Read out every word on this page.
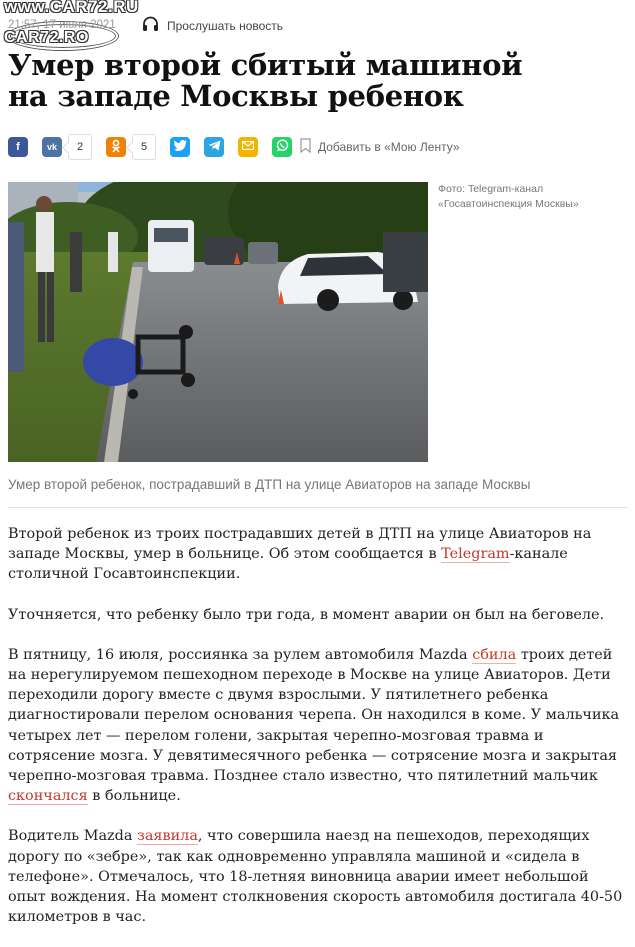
www.CAR72.RU
CAR72.RO
21:57, 17 июля 2021	Прослушать новость
Умер второй сбитый машиной на западе Москвы ребенок
f	vk	2	5	Добавить в «Мою Ленту»
Фото: Telegram-канал «Госавтоинспекция Москвы»
Умер второй ребенок, пострадавший в ДТП на улице Авиаторов на западе Москвы

Второй ребенок из троих пострадавших детей в ДТП на улице Авиаторов на западе Москвы, умер в больнице. Об этом сообщается в Telegram-канале столичной Госавтоинспекции.

Уточняется, что ребенку было три года, в момент аварии он был на беговеле.

В пятницу, 16 июля, россиянка за рулем автомобиля Mazda сбила троих детей на нерегулируемом пешеходном переходе в Москве на улице Авиаторов. Дети переходили дорогу вместе с двумя взрослыми. У пятилетнего ребенка диагностировали перелом основания черепа. Он находился в коме. У мальчика четырех лет — перелом голени, закрытая черепно-мозговая травма и сотрясение мозга. У девятимесячного ребенка — сотрясение мозга и закрытая черепно-мозговая травма. Позднее стало известно, что пятилетний мальчик скончался в больнице.

Водитель Mazda заявила, что совершила наезд на пешеходов, переходящих дорогу по «зебре», так как одновременно управляла машиной и «сидела в телефоне». Отмечалось, что 18-летняя виновница аварии имеет небольшой опыт вождения. На момент столкновения скорость автомобиля достигала 40-50 километров в час.
